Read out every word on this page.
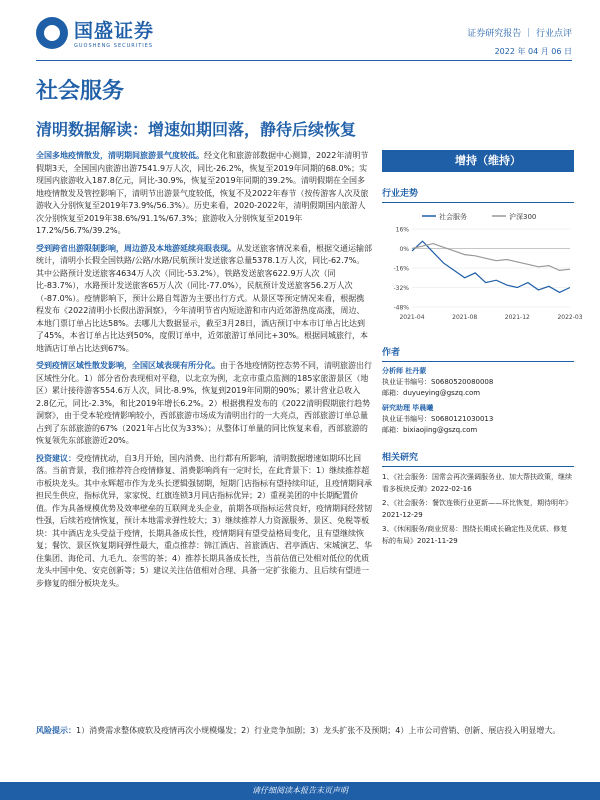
国盛证券
GUOSHENG SECURITIES
证券研究报告 ｜ 行业点评
2022 年 04 月 06 日
社会服务
清明数据解读：增速如期回落，静待后续恢复

全国多地疫情散发，清明期间旅游景气度较低。经文化和旅游部数据中心测算，2022年清明节假期3天，全国国内旅游出游7541.9万人次，同比-26.2%，恢复至2019年同期的68.0%；实现国内旅游收入187.8亿元，同比-30.9%，恢复至2019年同期的39.2%。清明假期在全国多地疫情散发及管控影响下，清明节出游景气度较低，恢复不及2022年春节（按传游客人次及旅游收入分别恢复至2019年73.9%/56.3%）。历史来看，2020-2022年，清明假期国内旅游人次分别恢复至2019年38.6%/91.1%/67.3%；旅游收入分别恢复至2019年17.2%/56.7%/39.2%。

受到跨省出游限制影响，周边游及本地游延续亮眼表现。从发送旅客情况来看，根据交通运输部统计，清明小长假全国铁路/公路/水路/民航预计发送旅客总量5378.1万人次，同比-62.7%。其中公路预计发送旅客4634万人次（同比-53.2%），铁路发送旅客622.9万人次（同比-83.7%），水路预计发送旅客65万人次（同比-77.0%），民航预计发送旅客56.2万人次（-87.0%）。疫情影响下，预计公路自驾游为主要出行方式。从景区等预定情况来看，根据携程发布《2022清明小长假出游洞察》，今年清明节省内短途游和市内近郊游热度高涨，周边、本地门票订单占比达58%。去哪儿大数据显示，截至3月28日，酒店预订中本市订单占比达到了45%，本省订单占比达到50%，度假订单中，近郊旅游订单同比+30%。根据同城旅行，本地酒店订单占比达到67%。

受到疫情区域性散发影响，全国区域表现有所分化。由于各地疫情防控态势不同，清明旅游出行区域性分化。1）部分省份表现相对平稳，以北京为例，北京市重点监测的185家旅游景区（地区）累计接待游客554.6万人次，同比-8.9%，恢复到2019年同期的90%；累计营业总收入2.8亿元，同比-2.3%，和比2019年增长6.2%。2）根据携程发布的《2022清明假期旅行趋势洞察》，由于受本轮疫情影响较小，西部旅游市场成为清明出行的一大亮点，西部旅游订单总量占到了东部旅游的67%（2021年占比仅为33%）；从整体订单量的同比恢复来看，西部旅游的恢复领先东部旅游近20%。

投资建议：受疫情扰动，自3月开始，国内消费、出行都有所影响，清明数据增速如期环比回落。当前背景，我们推荐符合疫情修复、消费影响尚有一定时长，在此背景下：1）继续推荐超市板块龙头。其中永辉超市作为龙头长逻辑强韧期，短期门店指标有望持续印证，且疫情期间承担民生供应，指标优异，家家悦、红旗连锁3月同店指标优异；2）重视美团的中长期配置价值。作为具备规模优势及效率壁垒的互联网龙头企业，前期各项指标运营良好，疫情期间经营韧性强，后续若疫情恢复，预计本地需求弹性较大；3）继续推荐人力资源服务、景区、免税等板块：其中酒店龙头受益于疫情，长期具备成长性，疫情期间有望受益格局变化，且有望继续恢复；餐饮、景区恢复期间弹性最大，重点推荐：锦江酒店、首旅酒店、君亭酒店、宋城演艺、华住集团、海伦司、九毛九、奈雪的茶；4）推荐长期具备成长性，当前估值已处相对低位的优质龙头中国中免、安克创新等；5）建议关注估值相对合理、具备一定扩张能力、且后续有望进一步修复的细分板块龙头。

增持（维持）
行业走势
社会服务	沪深300
16%
0%
-16%
-32%
-48%
2021-04	2021-08	2021-12	2022-03
作者
分析师 杜丹蒙
执业证书编号：S0680520080008
邮箱：duyueying@gszq.com
研究助理 毕晨曦
执业证书编号：S0680121030013
邮箱：bixiaojing@gszq.com
相关研究
1、《社会服务：国常会再次强调服务业、加大帮扶政策，继续看多板块反弹》2022-02-16
2、《社会服务：餐饮连锁行业更新——环比恢复，期待明年》2021-12-29
3、《休闲服务/商业贸易：围绕长期成长确定性及优质、修复标的布局》2021-11-29
风险提示：1）消费需求整体疲软及疫情再次小规模爆发；2）行业竞争加剧；3）龙头扩张不及预期；4）上市公司营销、创新、展店投入明显增大。
请仔细阅读本报告末页声明
